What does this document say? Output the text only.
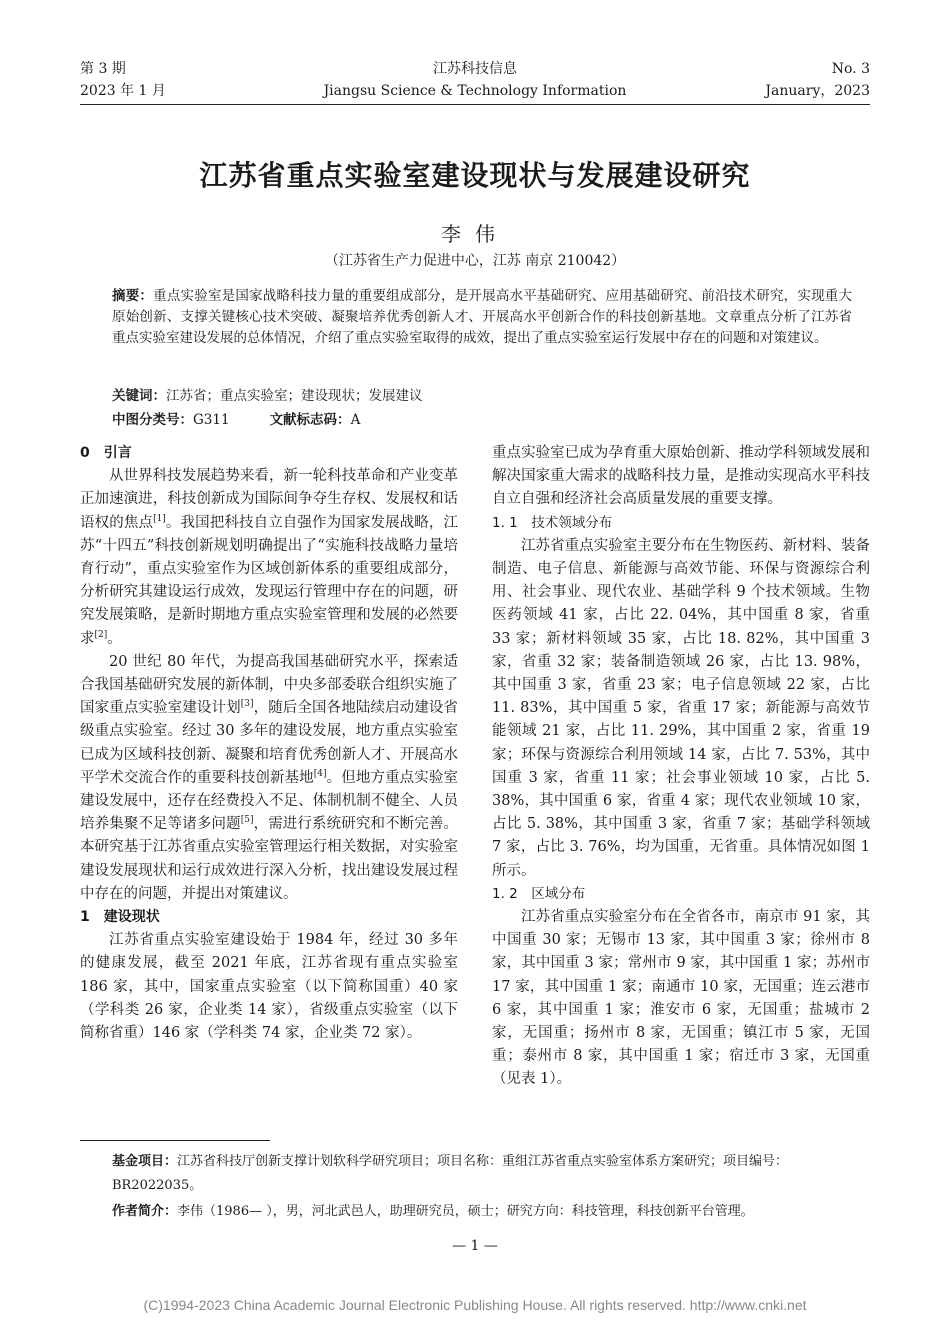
第 3 期
2023 年 1 月
江苏科技信息
Jiangsu Science & Technology Information
No. 3
January，2023
江苏省重点实验室建设现状与发展建设研究
李伟
（江苏省生产力促进中心，江苏 南京 210042）
摘要：重点实验室是国家战略科技力量的重要组成部分，是开展高水平基础研究、应用基础研究、前沿技术研究，实现重大原始创新、支撑关键核心技术突破、凝聚培养优秀创新人才、开展高水平创新合作的科技创新基地。文章重点分析了江苏省重点实验室建设发展的总体情况，介绍了重点实验室取得的成效，提出了重点实验室运行发展中存在的问题和对策建议。
关键词：江苏省；重点实验室；建设现状；发展建议
中图分类号：G311	文献标志码：A
0　引言

从世界科技发展趋势来看，新一轮科技革命和产业变革正加速演进，科技创新成为国际间争夺生存权、发展权和话语权的焦点[1]。我国把科技自立自强作为国家发展战略，江苏“十四五”科技创新规划明确提出了“实施科技战略力量培育行动”，重点实验室作为区域创新体系的重要组成部分，分析研究其建设运行成效，发现运行管理中存在的问题，研究发展策略，是新时期地方重点实验室管理和发展的必然要求[2]。

20 世纪 80 年代，为提高我国基础研究水平，探索适合我国基础研究发展的新体制，中央多部委联合组织实施了国家重点实验室建设计划[3]，随后全国各地陆续启动建设省级重点实验室。经过 30 多年的建设发展，地方重点实验室已成为区域科技创新、凝聚和培育优秀创新人才、开展高水平学术交流合作的重要科技创新基地[4]。但地方重点实验室建设发展中，还存在经费投入不足、体制机制不健全、人员培养集聚不足等诸多问题[5]，需进行系统研究和不断完善。本研究基于江苏省重点实验室管理运行相关数据，对实验室建设发展现状和运行成效进行深入分析，找出建设发展过程中存在的问题，并提出对策建议。

1　建设现状

江苏省重点实验室建设始于 1984 年，经过 30 多年的健康发展，截至 2021 年底，江苏省现有重点实验室 186 家，其中，国家重点实验室（以下简称国重）40 家（学科类 26 家，企业类 14 家），省级重点实验室（以下简称省重）146 家（学科类 74 家，企业类 72 家）。

重点实验室已成为孕育重大原始创新、推动学科领域发展和解决国家重大需求的战略科技力量，是推动实现高水平科技自立自强和经济社会高质量发展的重要支撑。

1. 1　技术领域分布

江苏省重点实验室主要分布在生物医药、新材料、装备制造、电子信息、新能源与高效节能、环保与资源综合利用、社会事业、现代农业、基础学科 9 个技术领域。生物医药领域 41 家，占比 22. 04%，其中国重 8 家，省重 33 家；新材料领域 35 家，占比 18. 82%，其中国重 3 家，省重 32 家；装备制造领域 26 家，占比 13. 98%，其中国重 3 家，省重 23 家；电子信息领域 22 家，占比 11. 83%，其中国重 5 家，省重 17 家；新能源与高效节能领域 21 家，占比 11. 29%，其中国重 2 家，省重 19 家；环保与资源综合利用领域 14 家，占比 7. 53%，其中国重 3 家，省重 11 家；社会事业领域 10 家，占比 5. 38%，其中国重 6 家，省重 4 家；现代农业领域 10 家，占比 5. 38%，其中国重 3 家，省重 7 家；基础学科领域 7 家，占比 3. 76%，均为国重，无省重。具体情况如图 1 所示。

1. 2　区域分布

江苏省重点实验室分布在全省各市，南京市 91 家，其中国重 30 家；无锡市 13 家，其中国重 3 家；徐州市 8 家，其中国重 3 家；常州市 9 家，其中国重 1 家；苏州市 17 家，其中国重 1 家；南通市 10 家，无国重；连云港市 6 家，其中国重 1 家；淮安市 6 家，无国重；盐城市 2 家，无国重；扬州市 8 家，无国重；镇江市 5 家，无国重；泰州市 8 家，其中国重 1 家；宿迁市 3 家，无国重（见表 1）。

基金项目：江苏省科技厅创新支撑计划软科学研究项目；项目名称：重组江苏省重点实验室体系方案研究；项目编号：BR2022035。
作者简介：李伟（1986— ），男，河北武邑人，助理研究员，硕士；研究方向：科技管理，科技创新平台管理。
— 1 —
(C)1994-2023 China Academic Journal Electronic Publishing House. All rights reserved. http://www.cnki.net
